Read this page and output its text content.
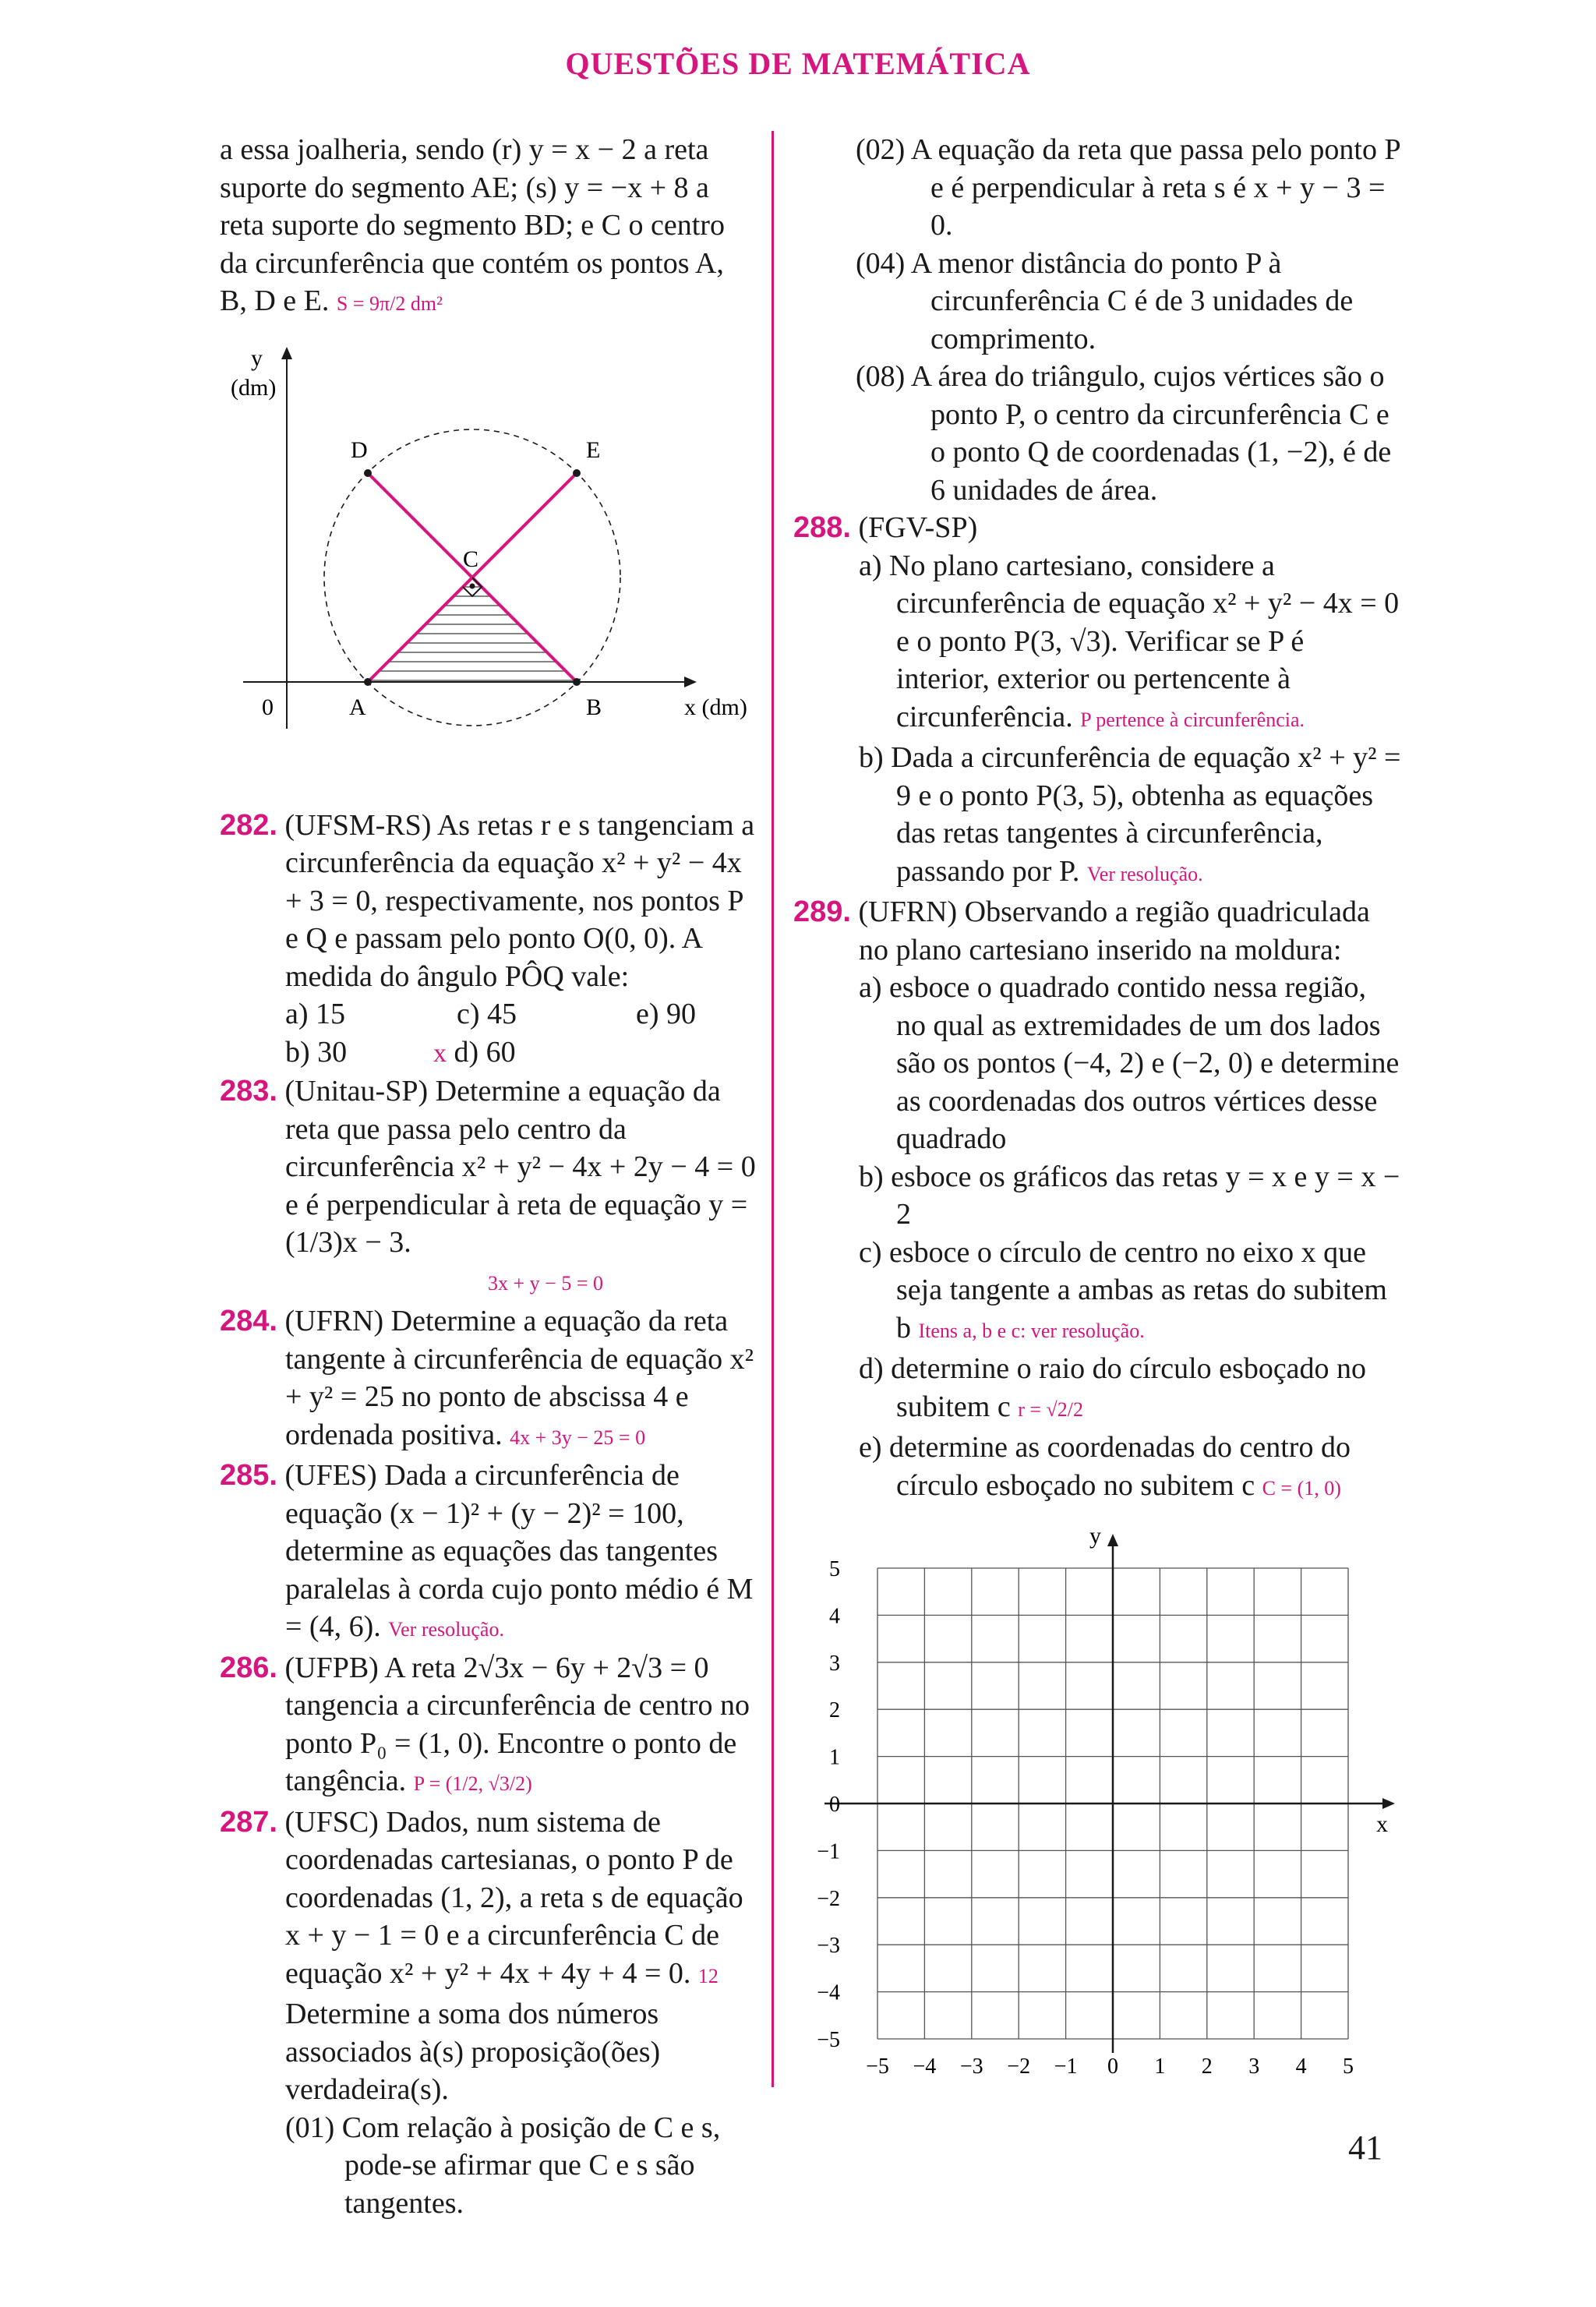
QUESTÕES DE MATEMÁTICA

a essa joalheria, sendo (r) y = x − 2 a reta suporte do segmento AE; (s) y = −x + 8 a reta suporte do segmento BD; e C o centro da circunferência que contém os pontos A, B, D e E. S = 9π/2 dm²

y
(dm)
x (dm)
0	A	B
C
D	E
282. (UFSM-RS) As retas r e s tangenciam a circunferência da equação x² + y² − 4x + 3 = 0, respectivamente, nos pontos P e Q e passam pelo ponto O(0, 0). A medida do ângulo PÔQ vale:
a) 15	c) 45	e) 90
b) 30	x d) 60
283. (Unitau-SP) Determine a equação da reta que passa pelo centro da circunferência x² + y² − 4x + 2y − 4 = 0 e é perpendicular à reta de equação y = (1/3)x − 3.
3x + y − 5 = 0
284. (UFRN) Determine a equação da reta tangente à circunferência de equação x² + y² = 25 no ponto de abscissa 4 e ordenada positiva. 4x + 3y − 25 = 0
285. (UFES) Dada a circunferência de equação (x − 1)² + (y − 2)² = 100, determine as equações das tangentes paralelas à corda cujo ponto médio é M = (4, 6). Ver resolução.
286. (UFPB) A reta 2√3x − 6y + 2√3 = 0 tangencia a circunferência de centro no ponto P₀ = (1, 0). Encontre o ponto de tangência. P = (1/2, √3/2)
287. (UFSC) Dados, num sistema de coordenadas cartesianas, o ponto P de coordenadas (1, 2), a reta s de equação x + y − 1 = 0 e a circunferência C de equação x² + y² + 4x + 4y + 4 = 0. 12
Determine a soma dos números associados à(s) proposição(ões) verdadeira(s).
(01) Com relação à posição de C e s, pode-se afirmar que C e s são tangentes.
(02) A equação da reta que passa pelo ponto P e é perpendicular à reta s é x + y − 3 = 0.
(04) A menor distância do ponto P à circunferência C é de 3 unidades de comprimento.
(08) A área do triângulo, cujos vértices são o ponto P, o centro da circunferência C e o ponto Q de coordenadas (1, −2), é de 6 unidades de área.
288. (FGV-SP)
a) No plano cartesiano, considere a circunferência de equação x² + y² − 4x = 0 e o ponto P(3, √3). Verificar se P é interior, exterior ou pertencente à circunferência. P pertence à circunferência.
b) Dada a circunferência de equação x² + y² = 9 e o ponto P(3, 5), obtenha as equações das retas tangentes à circunferência, passando por P. Ver resolução.
289. (UFRN) Observando a região quadriculada no plano cartesiano inserido na moldura:
a) esboce o quadrado contido nessa região, no qual as extremidades de um dos lados são os pontos (−4, 2) e (−2, 0) e determine as coordenadas dos outros vértices desse quadrado
b) esboce os gráficos das retas y = x e y = x − 2
c) esboce o círculo de centro no eixo x que seja tangente a ambas as retas do subitem b Itens a, b e c: ver resolução.
d) determine o raio do círculo esboçado no subitem c r = √2/2
e) determine as coordenadas do centro do círculo esboçado no subitem c C = (1, 0)
y
x
5
4
3
2
1
0
−1
−2
−3
−4
−5
−5 −4 −3 −2 −1 0 1 2 3 4 5
41
